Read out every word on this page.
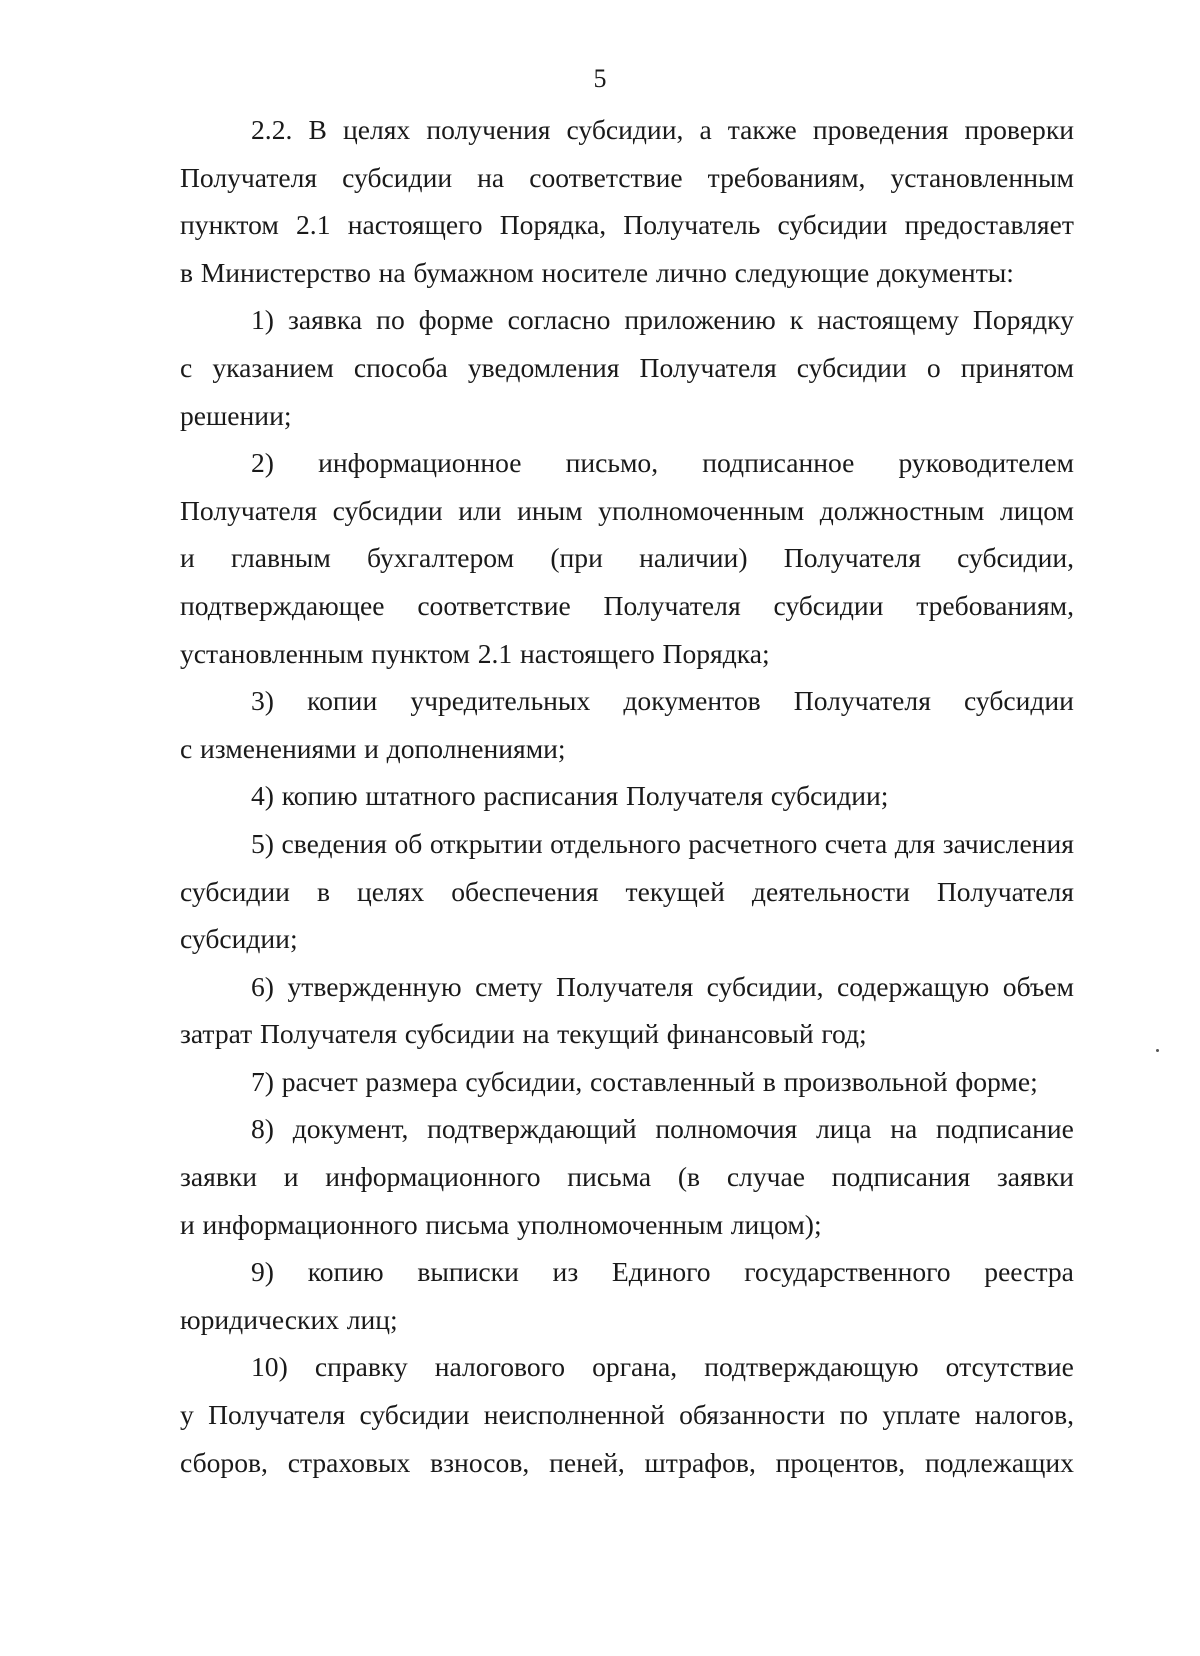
5
2.2. В целях получения субсидии, а также проведения проверки
Получателя субсидии на соответствие требованиям, установленным
пунктом 2.1 настоящего Порядка, Получатель субсидии предоставляет
в Министерство на бумажном носителе лично следующие документы:
1) заявка по форме согласно приложению к настоящему Порядку
с указанием способа уведомления Получателя субсидии о принятом
решении;
2) информационное письмо, подписанное руководителем
Получателя субсидии или иным уполномоченным должностным лицом
и главным бухгалтером (при наличии) Получателя субсидии,
подтверждающее соответствие Получателя субсидии требованиям,
установленным пунктом 2.1 настоящего Порядка;
3) копии учредительных документов Получателя субсидии
с изменениями и дополнениями;
4) копию штатного расписания Получателя субсидии;
5) сведения об открытии отдельного расчетного счета для зачисления
субсидии в целях обеспечения текущей деятельности Получателя
субсидии;
6) утвержденную смету Получателя субсидии, содержащую объем
затрат Получателя субсидии на текущий финансовый год;
7) расчет размера субсидии, составленный в произвольной форме;
8) документ, подтверждающий полномочия лица на подписание
заявки и информационного письма (в случае подписания заявки
и информационного письма уполномоченным лицом);
9) копию выписки из Единого государственного реестра
юридических лиц;
10) справку налогового органа, подтверждающую отсутствие
у Получателя субсидии неисполненной обязанности по уплате налогов,
сборов, страховых взносов, пеней, штрафов, процентов, подлежащих
